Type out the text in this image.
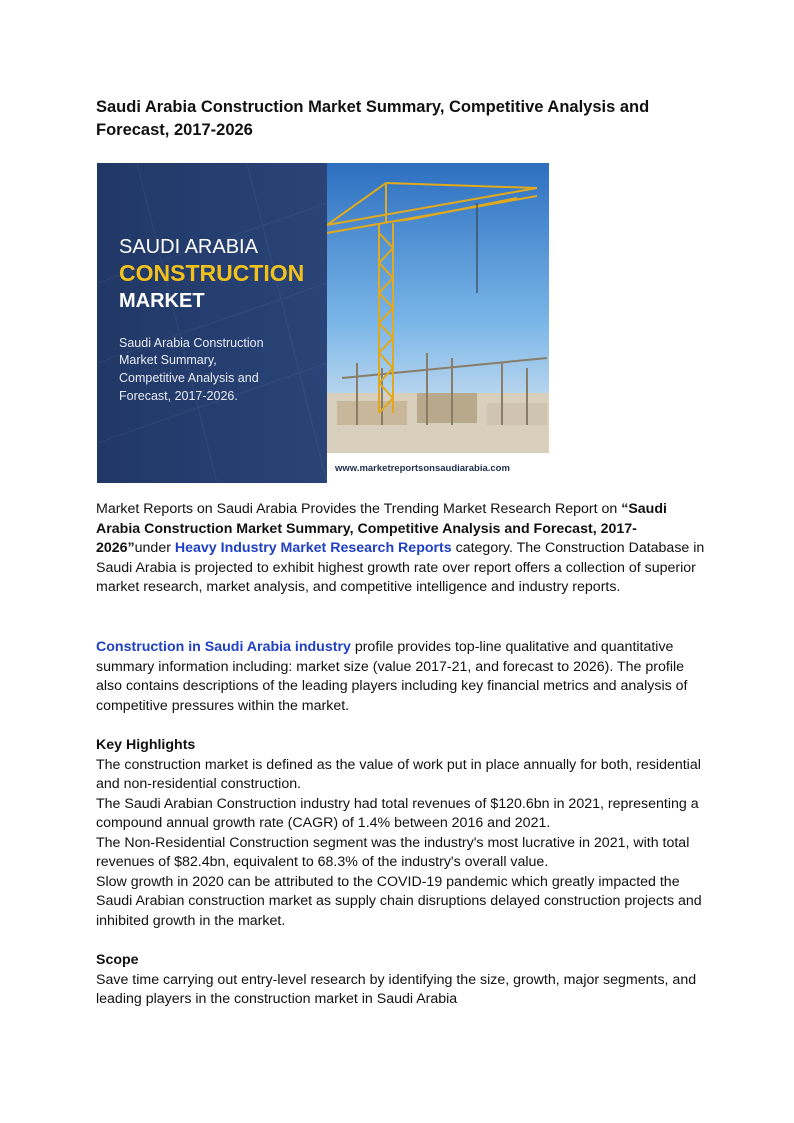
Saudi Arabia Construction Market Summary, Competitive Analysis and Forecast, 2017-2026
www.marketreportsonsaudiarabia.com
SAUDI ARABIA
CONSTRUCTION
MARKET
Saudi Arabia Construction
Market Summary,
Competitive Analysis and
Forecast, 2017-2026.

Market Reports on Saudi Arabia Provides the Trending Market Research Report on “Saudi Arabia Construction Market Summary, Competitive Analysis and Forecast, 2017-2026”under Heavy Industry Market Research Reports category. The Construction Database in Saudi Arabia is projected to exhibit highest growth rate over report offers a collection of superior market research, market analysis, and competitive intelligence and industry reports.

Construction in Saudi Arabia industry profile provides top-line qualitative and quantitative summary information including: market size (value 2017-21, and forecast to 2026). The profile also contains descriptions of the leading players including key financial metrics and analysis of competitive pressures within the market.

Key Highlights
The construction market is defined as the value of work put in place annually for both, residential and non-residential construction.
The Saudi Arabian Construction industry had total revenues of $120.6bn in 2021, representing a compound annual growth rate (CAGR) of 1.4% between 2016 and 2021.
The Non-Residential Construction segment was the industry's most lucrative in 2021, with total revenues of $82.4bn, equivalent to 68.3% of the industry's overall value.
Slow growth in 2020 can be attributed to the COVID-19 pandemic which greatly impacted the Saudi Arabian construction market as supply chain disruptions delayed construction projects and inhibited growth in the market.
Scope
Save time carrying out entry-level research by identifying the size, growth, major segments, and leading players in the construction market in Saudi Arabia
